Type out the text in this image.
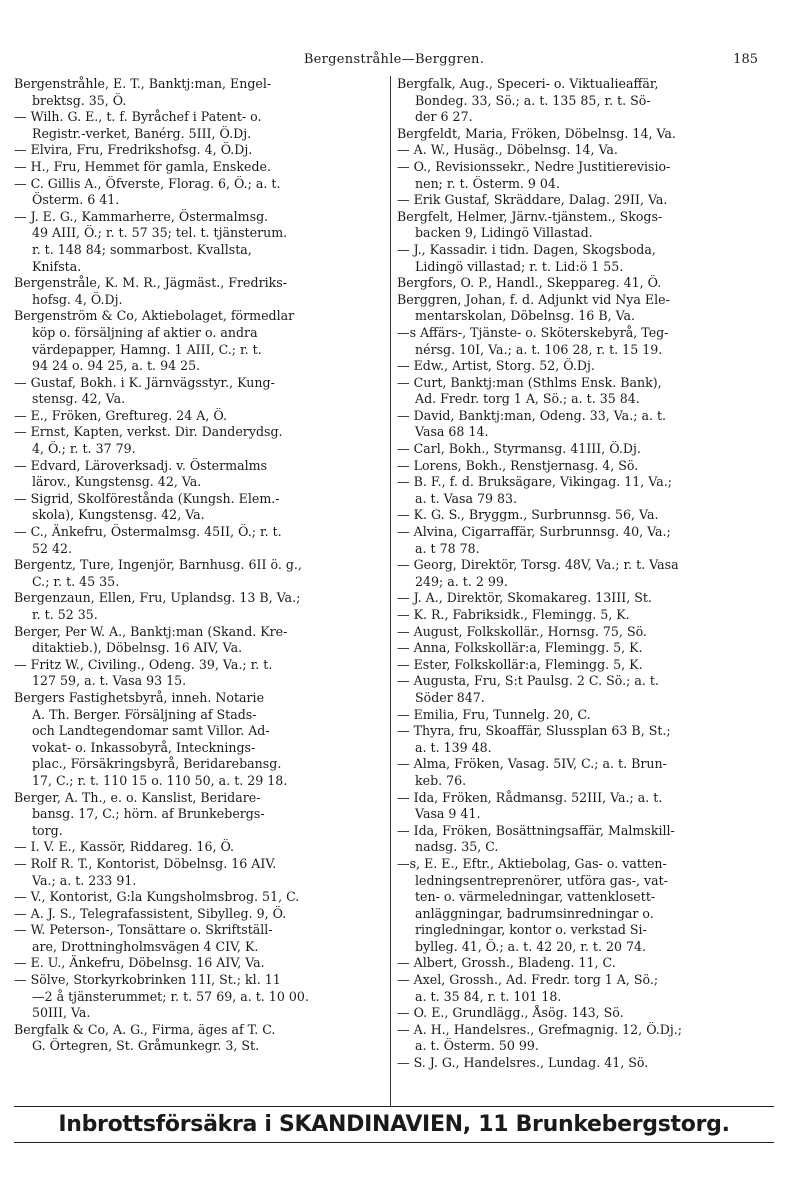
Bergenstråhle—Berggren.	185
Bergenstråhle, E. T., Banktj:man, Engel-
brektsg. 35, Ö.
— Wilh. G. E., t. f. Byråchef i Patent- o.
Registr.-verket, Banérg. 5III, Ö.Dj.
— Elvira, Fru, Fredrikshofsg. 4, Ö.Dj.
— H., Fru, Hemmet för gamla, Enskede.
— C. Gillis A., Öfverste, Florag. 6, Ö.; a. t.
Österm. 6 41.
— J. E. G., Kammarherre, Östermalmsg.
49 AIII, Ö.; r. t. 57 35; tel. t. tjänsterum.
r. t. 148 84; sommarbost. Kvallsta,
Knifsta.
Bergenstråle, K. M. R., Jägmäst., Fredriks-
hofsg. 4, Ö.Dj.
Bergenström & Co, Aktiebolaget, förmedlar
köp o. försäljning af aktier o. andra
värdepapper, Hamng. 1 AIII, C.; r. t.
94 24 o. 94 25, a. t. 94 25.
— Gustaf, Bokh. i K. Järnvägsstyr., Kung-
stensg. 42, Va.
— E., Fröken, Greftureg. 24 A, Ö.
— Ernst, Kapten, verkst. Dir. Danderydsg.
4, Ö.; r. t. 37 79.
— Edvard, Läroverksadj. v. Östermalms
lärov., Kungstensg. 42, Va.
— Sigrid, Skolföreståndа (Kungsh. Elem.-
skola), Kungstensg. 42, Va.
— C., Änkefru, Östermalmsg. 45II, Ö.; r. t.
52 42.
Bergentz, Ture, Ingenjör, Barnhusg. 6II ö. g.,
C.; r. t. 45 35.
Bergenzaun, Ellen, Fru, Uplandsg. 13 B, Va.;
r. t. 52 35.
Berger, Per W. A., Banktj:man (Skand. Kre-
ditaktieb.), Döbelnsg. 16 AIV, Va.
— Fritz W., Civiling., Odeng. 39, Va.; r. t.
127 59, a. t. Vasa 93 15.
Bergers Fastighetsbyrå, inneh. Notarie
A. Th. Berger. Försäljning af Stads-
och Landtegendomar samt Villor. Ad-
vokat- o. Inkassobyrå, Intecknings-
plac., Försäkringsbyrå, Beridarebansg.
17, C.; r. t. 110 15 o. 110 50, a. t. 29 18.
Berger, A. Th., e. o. Kanslist, Beridare-
bansg. 17, C.; hörn. af Brunkebergs-
torg.
— I. V. E., Kassör, Riddareg. 16, Ö.
— Rolf R. T., Kontorist, Döbelnsg. 16 AIV.
Va.; a. t. 233 91.
— V., Kontorist, G:la Kungsholmsbrog. 51, C.
— A. J. S., Telegrafassistent, Sibylleg. 9, Ö.
— W. Peterson-, Tonsättare o. Skriftställ-
are, Drottningholmsvägen 4 CIV, K.
— E. U., Änkefru, Döbelnsg. 16 AIV, Va.
— Sölve, Storkyrkobrinken 11I, St.; kl. 11
—2 å tjänsterummet; r. t. 57 69, a. t. 10 00.
50III, Va.
Bergfalk & Co, A. G., Firma, äges af T. C.
G. Örtegren, St. Gråmunkegr. 3, St.
Bergfalk, Aug., Speceri- o. Viktualieaffär,
Bondeg. 33, Sö.; a. t. 135 85, r. t. Sö-
der 6 27.
Bergfeldt, Maria, Fröken, Döbelnsg. 14, Va.
— A. W., Husäg., Döbelnsg. 14, Va.
— O., Revisionssekr., Nedre Justitierevisio-
nen; r. t. Österm. 9 04.
— Erik Gustaf, Skräddare, Dalag. 29II, Va.
Bergfelt, Helmer, Järnv.-tjänstem., Skogs-
backen 9, Lidingö Villastad.
— J., Kassadir. i tidn. Dagen, Skogsboda,
Lidingö villastad; r. t. Lid:ö 1 55.
Bergfors, O. P., Handl., Skeppareg. 41, Ö.
Berggren, Johan, f. d. Adjunkt vid Nya Ele-
mentarskolan, Döbelnsg. 16 B, Va.
—s Affärs-, Tjänste- o. Sköterskebyrå, Teg-
nérsg. 10I, Va.; a. t. 106 28, r. t. 15 19.
— Edw., Artist, Storg. 52, Ö.Dj.
— Curt, Banktj:man (Sthlms Ensk. Bank),
Ad. Fredr. torg 1 A, Sö.; a. t. 35 84.
— David, Banktj:man, Odeng. 33, Va.; a. t.
Vasa 68 14.
— Carl, Bokh., Styrmansg. 41III, Ö.Dj.
— Lorens, Bokh., Renstjernasg. 4, Sö.
— B. F., f. d. Bruksägare, Vikingag. 11, Va.;
a. t. Vasa 79 83.
— K. G. S., Bryggm., Surbrunnsg. 56, Va.
— Alvina, Cigarraffär, Surbrunnsg. 40, Va.;
a. t 78 78.
— Georg, Direktör, Torsg. 48V, Va.; r. t. Vasa
249; a. t. 2 99.
— J. A., Direktör, Skomakareg. 13III, St.
— K. R., Fabriksidk., Flemingg. 5, K.
— August, Folkskollär., Hornsg. 75, Sö.
— Anna, Folkskollär:a, Flemingg. 5, K.
— Ester, Folkskollär:a, Flemingg. 5, K.
— Augusta, Fru, S:t Paulsg. 2 C. Sö.; a. t.
Söder 847.
— Emilia, Fru, Tunnelg. 20, C.
— Thyra, fru, Skoaffär, Slussplan 63 B, St.;
a. t. 139 48.
— Alma, Fröken, Vasag. 5IV, C.; a. t. Brun-
keb. 76.
— Ida, Fröken, Rådmansg. 52III, Va.; a. t.
Vasa 9 41.
— Ida, Fröken, Bosättningsaffär, Malmskill-
nadsg. 35, C.
—s, E. E., Eftr., Aktiebolag, Gas- o. vatten-
ledningsentreprenörer, utföra gas-, vat-
ten- o. värmeledningar, vattenklosett-
anläggningar, badrumsinredningar o.
ringledningar, kontor o. verkstad Si-
bylleg. 41, Ö.; a. t. 42 20, r. t. 20 74.
— Albert, Grossh., Bladeng. 11, C.
— Axel, Grossh., Ad. Fredr. torg 1 A, Sö.;
a. t. 35 84, r. t. 101 18.
— O. E., Grundlägg., Åsög. 143, Sö.
— A. H., Handelsres., Grefmagnig. 12, Ö.Dj.;
a. t. Österm. 50 99.
— S. J. G., Handelsres., Lundag. 41, Sö.
Inbrottsförsäkra i SKANDINAVIEN, 11 Brunkebergstorg.
